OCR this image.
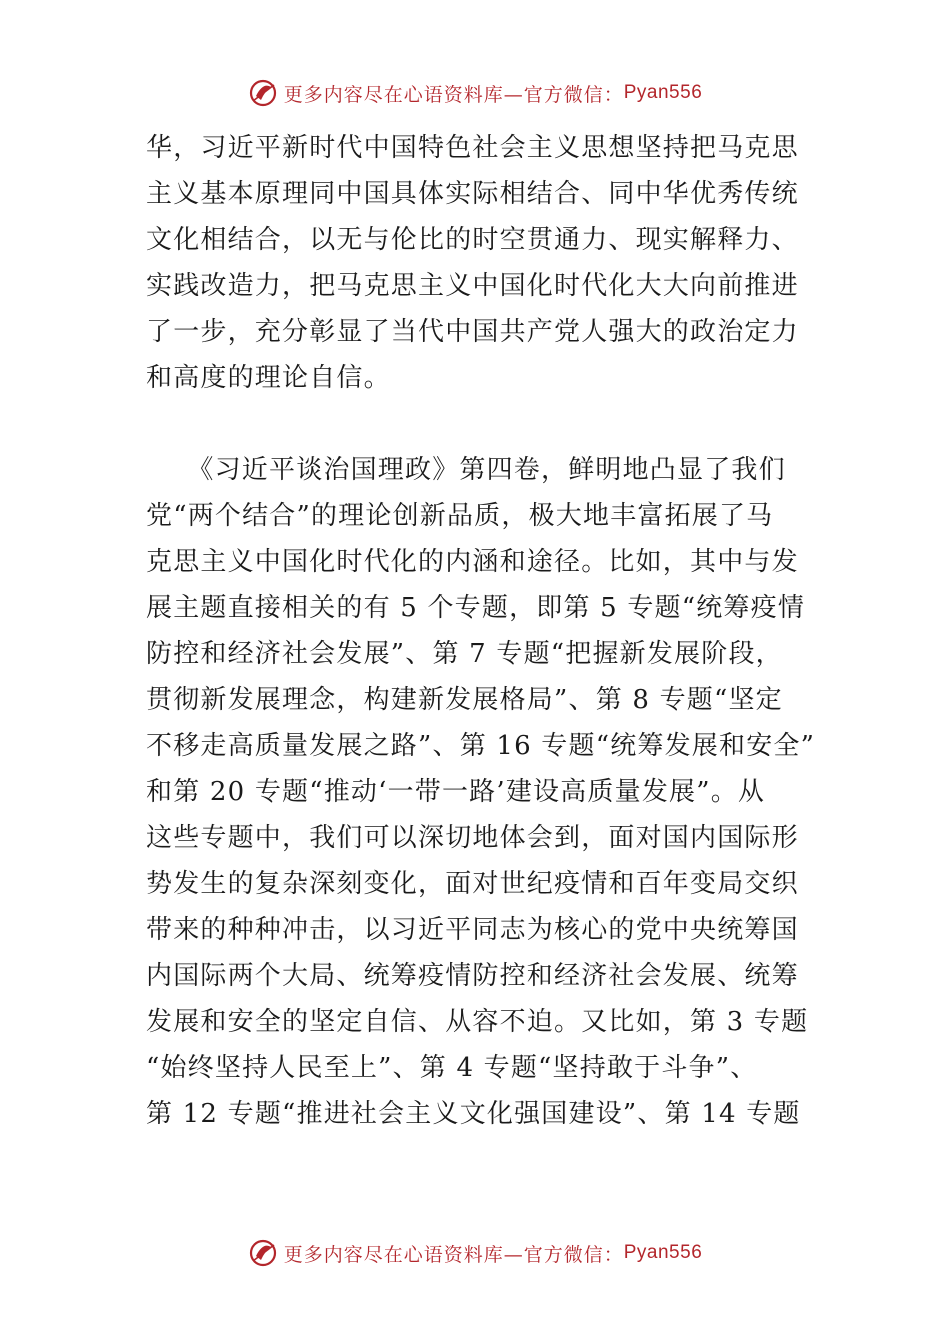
更多内容尽在心语资料库—官方微信： Pyan556
华，习近平新时代中国特色社会主义思想坚持把马克思
主义基本原理同中国具体实际相结合、同中华优秀传统
文化相结合，以无与伦比的时空贯通力、现实解释力、
实践改造力，把马克思主义中国化时代化大大向前推进
了一步，充分彰显了当代中国共产党人强大的政治定力
和高度的理论自信。
　　《习近平谈治国理政》第四卷，鲜明地凸显了我们
党“两个结合”的理论创新品质，极大地丰富拓展了马
克思主义中国化时代化的内涵和途径。比如，其中与发
展主题直接相关的有 5 个专题，即第 5 专题“统筹疫情
防控和经济社会发展”、第 7 专题“把握新发展阶段，
贯彻新发展理念，构建新发展格局”、第 8 专题“坚定
不移走高质量发展之路”、第 16 专题“统筹发展和安全”
和第 20 专题“推动‘一带一路’建设高质量发展”。从
这些专题中，我们可以深切地体会到，面对国内国际形
势发生的复杂深刻变化，面对世纪疫情和百年变局交织
带来的种种冲击，以习近平同志为核心的党中央统筹国
内国际两个大局、统筹疫情防控和经济社会发展、统筹
发展和安全的坚定自信、从容不迫。又比如，第 3 专题
“始终坚持人民至上”、第 4 专题“坚持敢于斗争”、
第 12 专题“推进社会主义文化强国建设”、第 14 专题
更多内容尽在心语资料库—官方微信： Pyan556
